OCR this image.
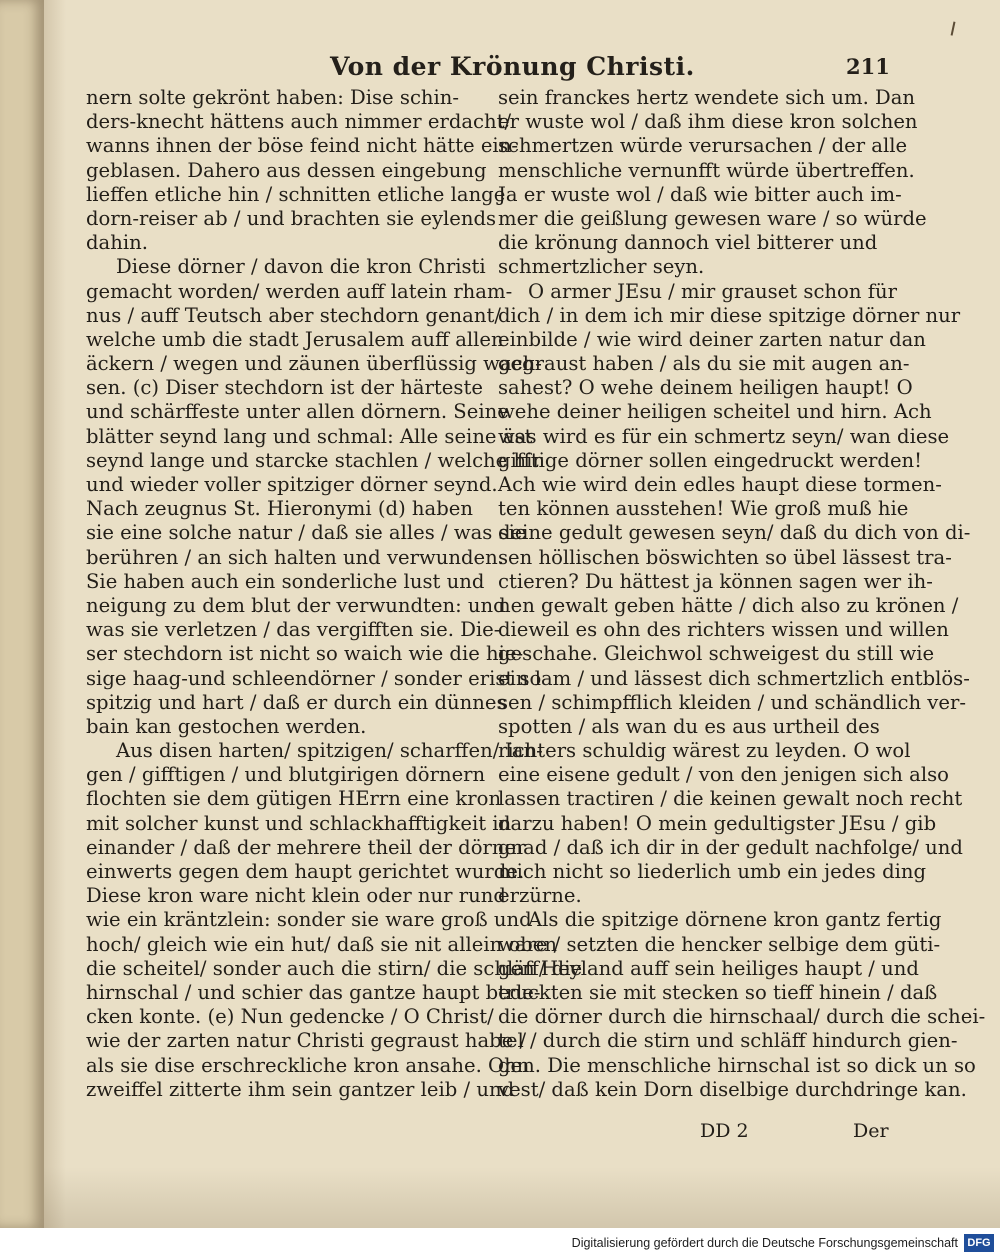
Von der Krönung Christi.	211
nern solte gekrönt haben: Dise schin-
ders-knecht hättens auch nimmer erdacht/
wanns ihnen der böse feind nicht hätte ein-
geblasen. Dahero aus dessen eingebung
lieffen etliche hin / schnitten etliche lange
dorn-reiser ab / und brachten sie eylends
dahin.
Diese dörner / davon die kron Christi
gemacht worden/ werden auff latein rham-
nus / auff Teutsch aber stechdorn genant/
welche umb die stadt Jerusalem auff allen
äckern / wegen und zäunen überflüssig wach-
sen. (c) Diser stechdorn ist der härteste
und schärffeste unter allen dörnern. Seine
blätter seynd lang und schmal: Alle seine äst
seynd lange und starcke stachlen / welche hin
und wieder voller spitziger dörner seynd.
Nach zeugnus St. Hieronymi (d) haben
sie eine solche natur / daß sie alles / was sie
berühren / an sich halten und verwunden.
Sie haben auch ein sonderliche lust und
neigung zu dem blut der verwundten: und
was sie verletzen / das vergifften sie. Die-
ser stechdorn ist nicht so waich wie die hie-
sige haag-und schleendörner / sonder erist so
spitzig und hart / daß er durch ein dünnes
bain kan gestochen werden.
Aus disen harten/ spitzigen/ scharffen/ lan-
gen / gifftigen / und blutgirigen dörnern
flochten sie dem gütigen HErrn eine kron
mit solcher kunst und schlackhafftigkeit in
einander / daß der mehrere theil der dörner
einwerts gegen dem haupt gerichtet wurde.
Diese kron ware nicht klein oder nur rund
wie ein kräntzlein: sonder sie ware groß und
hoch/ gleich wie ein hut/ daß sie nit allein oben
die scheitel/ sonder auch die stirn/ die schläff/ die
hirnschal / und schier das gantze haupt bede-
cken konte. (e) Nun gedencke / O Christ/
wie der zarten natur Christi gegraust habe /
als sie dise erschreckliche kron ansahe. Ohn
zweiffel zitterte ihm sein gantzer leib / und
sein franckes hertz wendete sich um. Dan
er wuste wol / daß ihm diese kron solchen
schmertzen würde verursachen / der alle
menschliche vernunfft würde übertreffen.
Ja er wuste wol / daß wie bitter auch im-
mer die geißlung gewesen ware / so würde
die krönung dannoch viel bitterer und
schmertzlicher seyn.
O armer JEsu / mir grauset schon für
dich / in dem ich mir diese spitzige dörner nur
einbilde / wie wird deiner zarten natur dan
gegraust haben / als du sie mit augen an-
sahest? O wehe deinem heiligen haupt! O
wehe deiner heiligen scheitel und hirn. Ach
was wird es für ein schmertz seyn/ wan diese
gifftige dörner sollen eingedruckt werden!
Ach wie wird dein edles haupt diese tormen-
ten können ausstehen! Wie groß muß hie
deine gedult gewesen seyn/ daß du dich von di-
sen höllischen böswichten so übel lässest tra-
ctieren? Du hättest ja können sagen wer ih-
nen gewalt geben hätte / dich also zu krönen /
dieweil es ohn des richters wissen und willen
geschahe. Gleichwol schweigest du still wie
ein lam / und lässest dich schmertzlich entblös-
sen / schimpfflich kleiden / und schändlich ver-
spotten / als wan du es aus urtheil des
richters schuldig wärest zu leyden. O wol
eine eisene gedult / von den jenigen sich also
lassen tractiren / die keinen gewalt noch recht
darzu haben! O mein gedultigster JEsu / gib
gnad / daß ich dir in der gedult nachfolge/ und
mich nicht so liederlich umb ein jedes ding
erzürne.
Als die spitzige dörnene kron gantz fertig
ware / setzten die hencker selbige dem güti-
gen Heyland auff sein heiliges haupt / und
truckten sie mit stecken so tieff hinein / daß
die dörner durch die hirnschaal/ durch die schei-
tel / durch die stirn und schläff hindurch gien-
gen. Die menschliche hirnschal ist so dick un so
vest/ daß kein Dorn diselbige durchdringe kan.
DD 2	Der
Digitalisierung gefördert durch die Deutsche Forschungsgemeinschaft DFG
